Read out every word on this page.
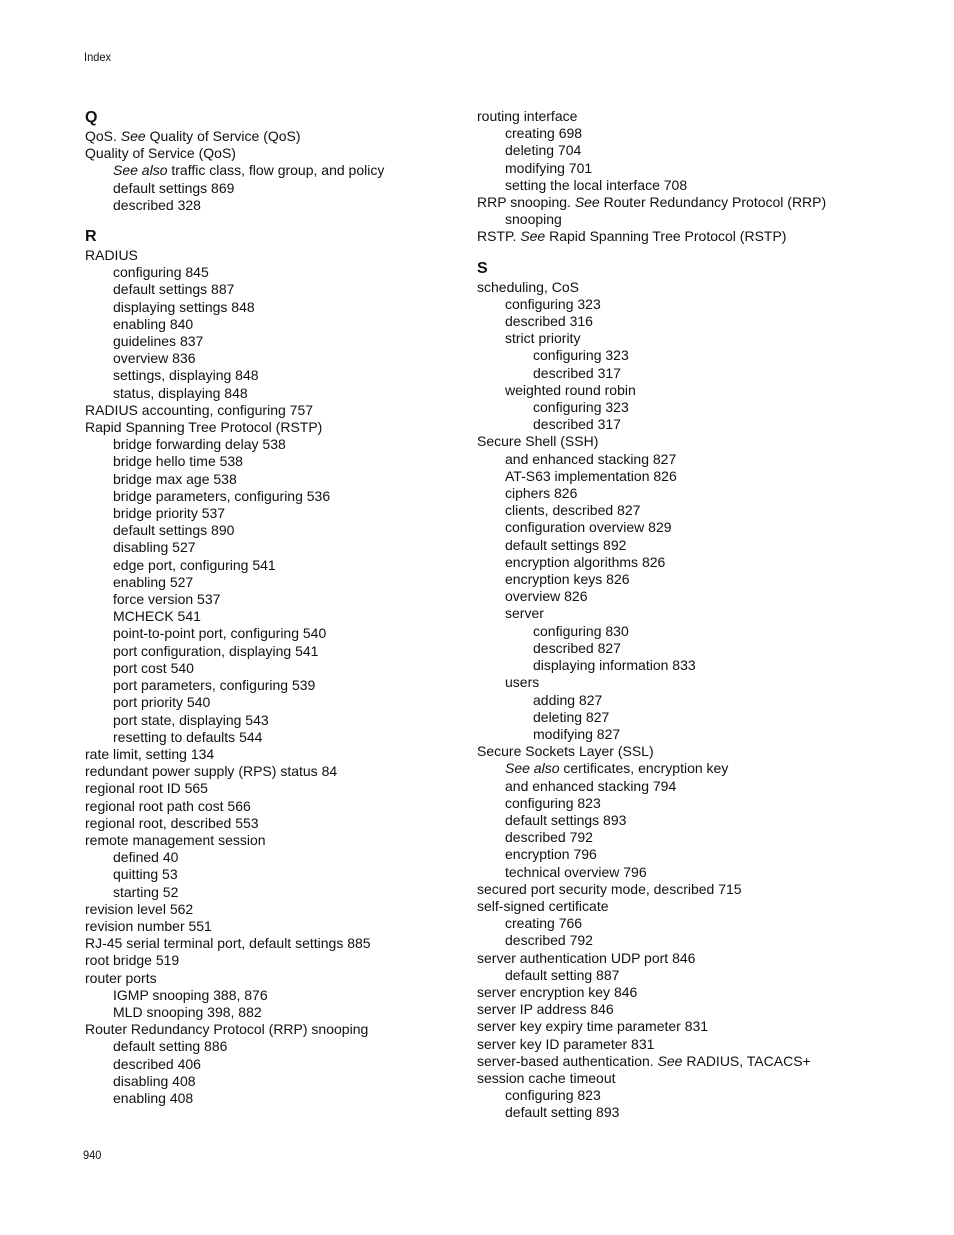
Index
Q
QoS. See Quality of Service (QoS)
Quality of Service (QoS)
See also traffic class, flow group, and policy
default settings 869
described 328
R
RADIUS
configuring 845
default settings 887
displaying settings 848
enabling 840
guidelines 837
overview 836
settings, displaying 848
status, displaying 848
RADIUS accounting, configuring 757
Rapid Spanning Tree Protocol (RSTP)
bridge forwarding delay 538
bridge hello time 538
bridge max age 538
bridge parameters, configuring 536
bridge priority 537
default settings 890
disabling 527
edge port, configuring 541
enabling 527
force version 537
MCHECK 541
point-to-point port, configuring 540
port configuration, displaying 541
port cost 540
port parameters, configuring 539
port priority 540
port state, displaying 543
resetting to defaults 544
rate limit, setting 134
redundant power supply (RPS) status 84
regional root ID 565
regional root path cost 566
regional root, described 553
remote management session
defined 40
quitting 53
starting 52
revision level 562
revision number 551
RJ-45 serial terminal port, default settings 885
root bridge 519
router ports
IGMP snooping 388, 876
MLD snooping 398, 882
Router Redundancy Protocol (RRP) snooping
default setting 886
described 406
disabling 408
enabling 408
routing interface
creating 698
deleting 704
modifying 701
setting the local interface 708
RRP snooping. See Router Redundancy Protocol (RRP)
snooping
RSTP. See Rapid Spanning Tree Protocol (RSTP)
S
scheduling, CoS
configuring 323
described 316
strict priority
configuring 323
described 317
weighted round robin
configuring 323
described 317
Secure Shell (SSH)
and enhanced stacking 827
AT-S63 implementation 826
ciphers 826
clients, described 827
configuration overview 829
default settings 892
encryption algorithms 826
encryption keys 826
overview 826
server
configuring 830
described 827
displaying information 833
users
adding 827
deleting 827
modifying 827
Secure Sockets Layer (SSL)
See also certificates, encryption key
and enhanced stacking 794
configuring 823
default settings 893
described 792
encryption 796
technical overview 796
secured port security mode, described 715
self-signed certificate
creating 766
described 792
server authentication UDP port 846
default setting 887
server encryption key 846
server IP address 846
server key expiry time parameter 831
server key ID parameter 831
server-based authentication. See RADIUS, TACACS+
session cache timeout
configuring 823
default setting 893
940
